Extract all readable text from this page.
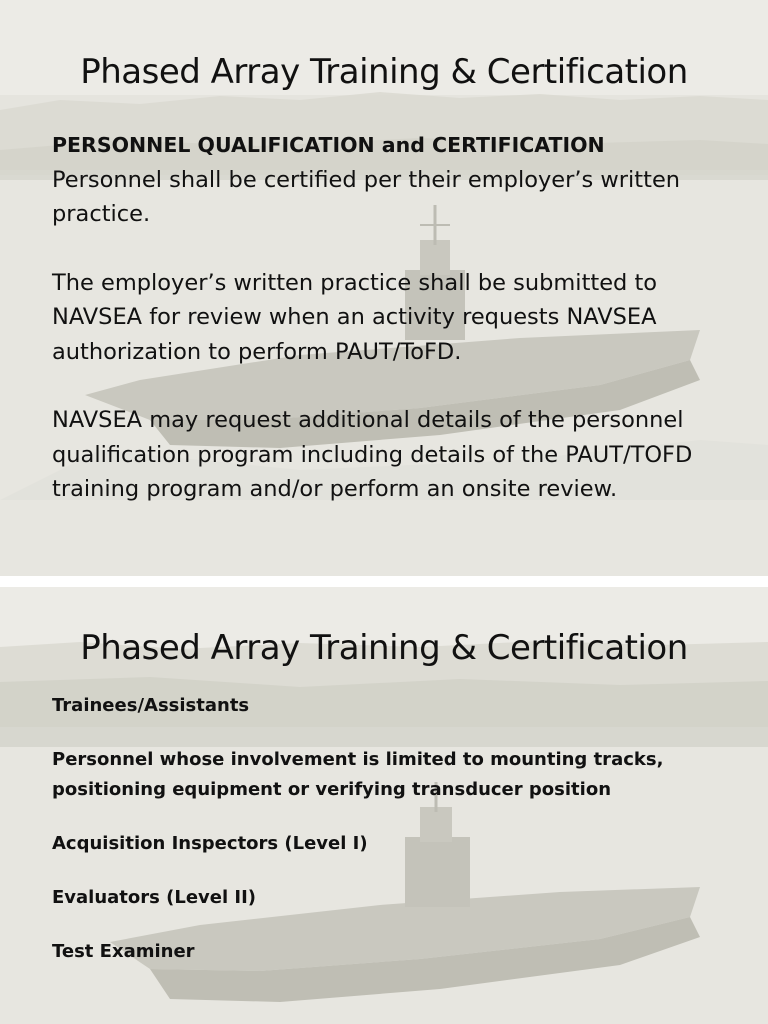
Phased Array Training & Certification
PERSONNEL QUALIFICATION and CERTIFICATION

Personnel shall be certified per their employer’s written practice.

The employer’s written practice shall be submitted to NAVSEA for review when an activity requests NAVSEA authorization to perform PAUT/ToFD.

NAVSEA may request additional details of the personnel qualification program including details of the PAUT/TOFD training program and/or perform an onsite review.

Phased Array Training & Certification

Trainees/Assistants

Personnel whose involvement is limited to mounting tracks, positioning equipment or verifying transducer position

Acquisition Inspectors (Level I)

Evaluators (Level II)

Test Examiner
